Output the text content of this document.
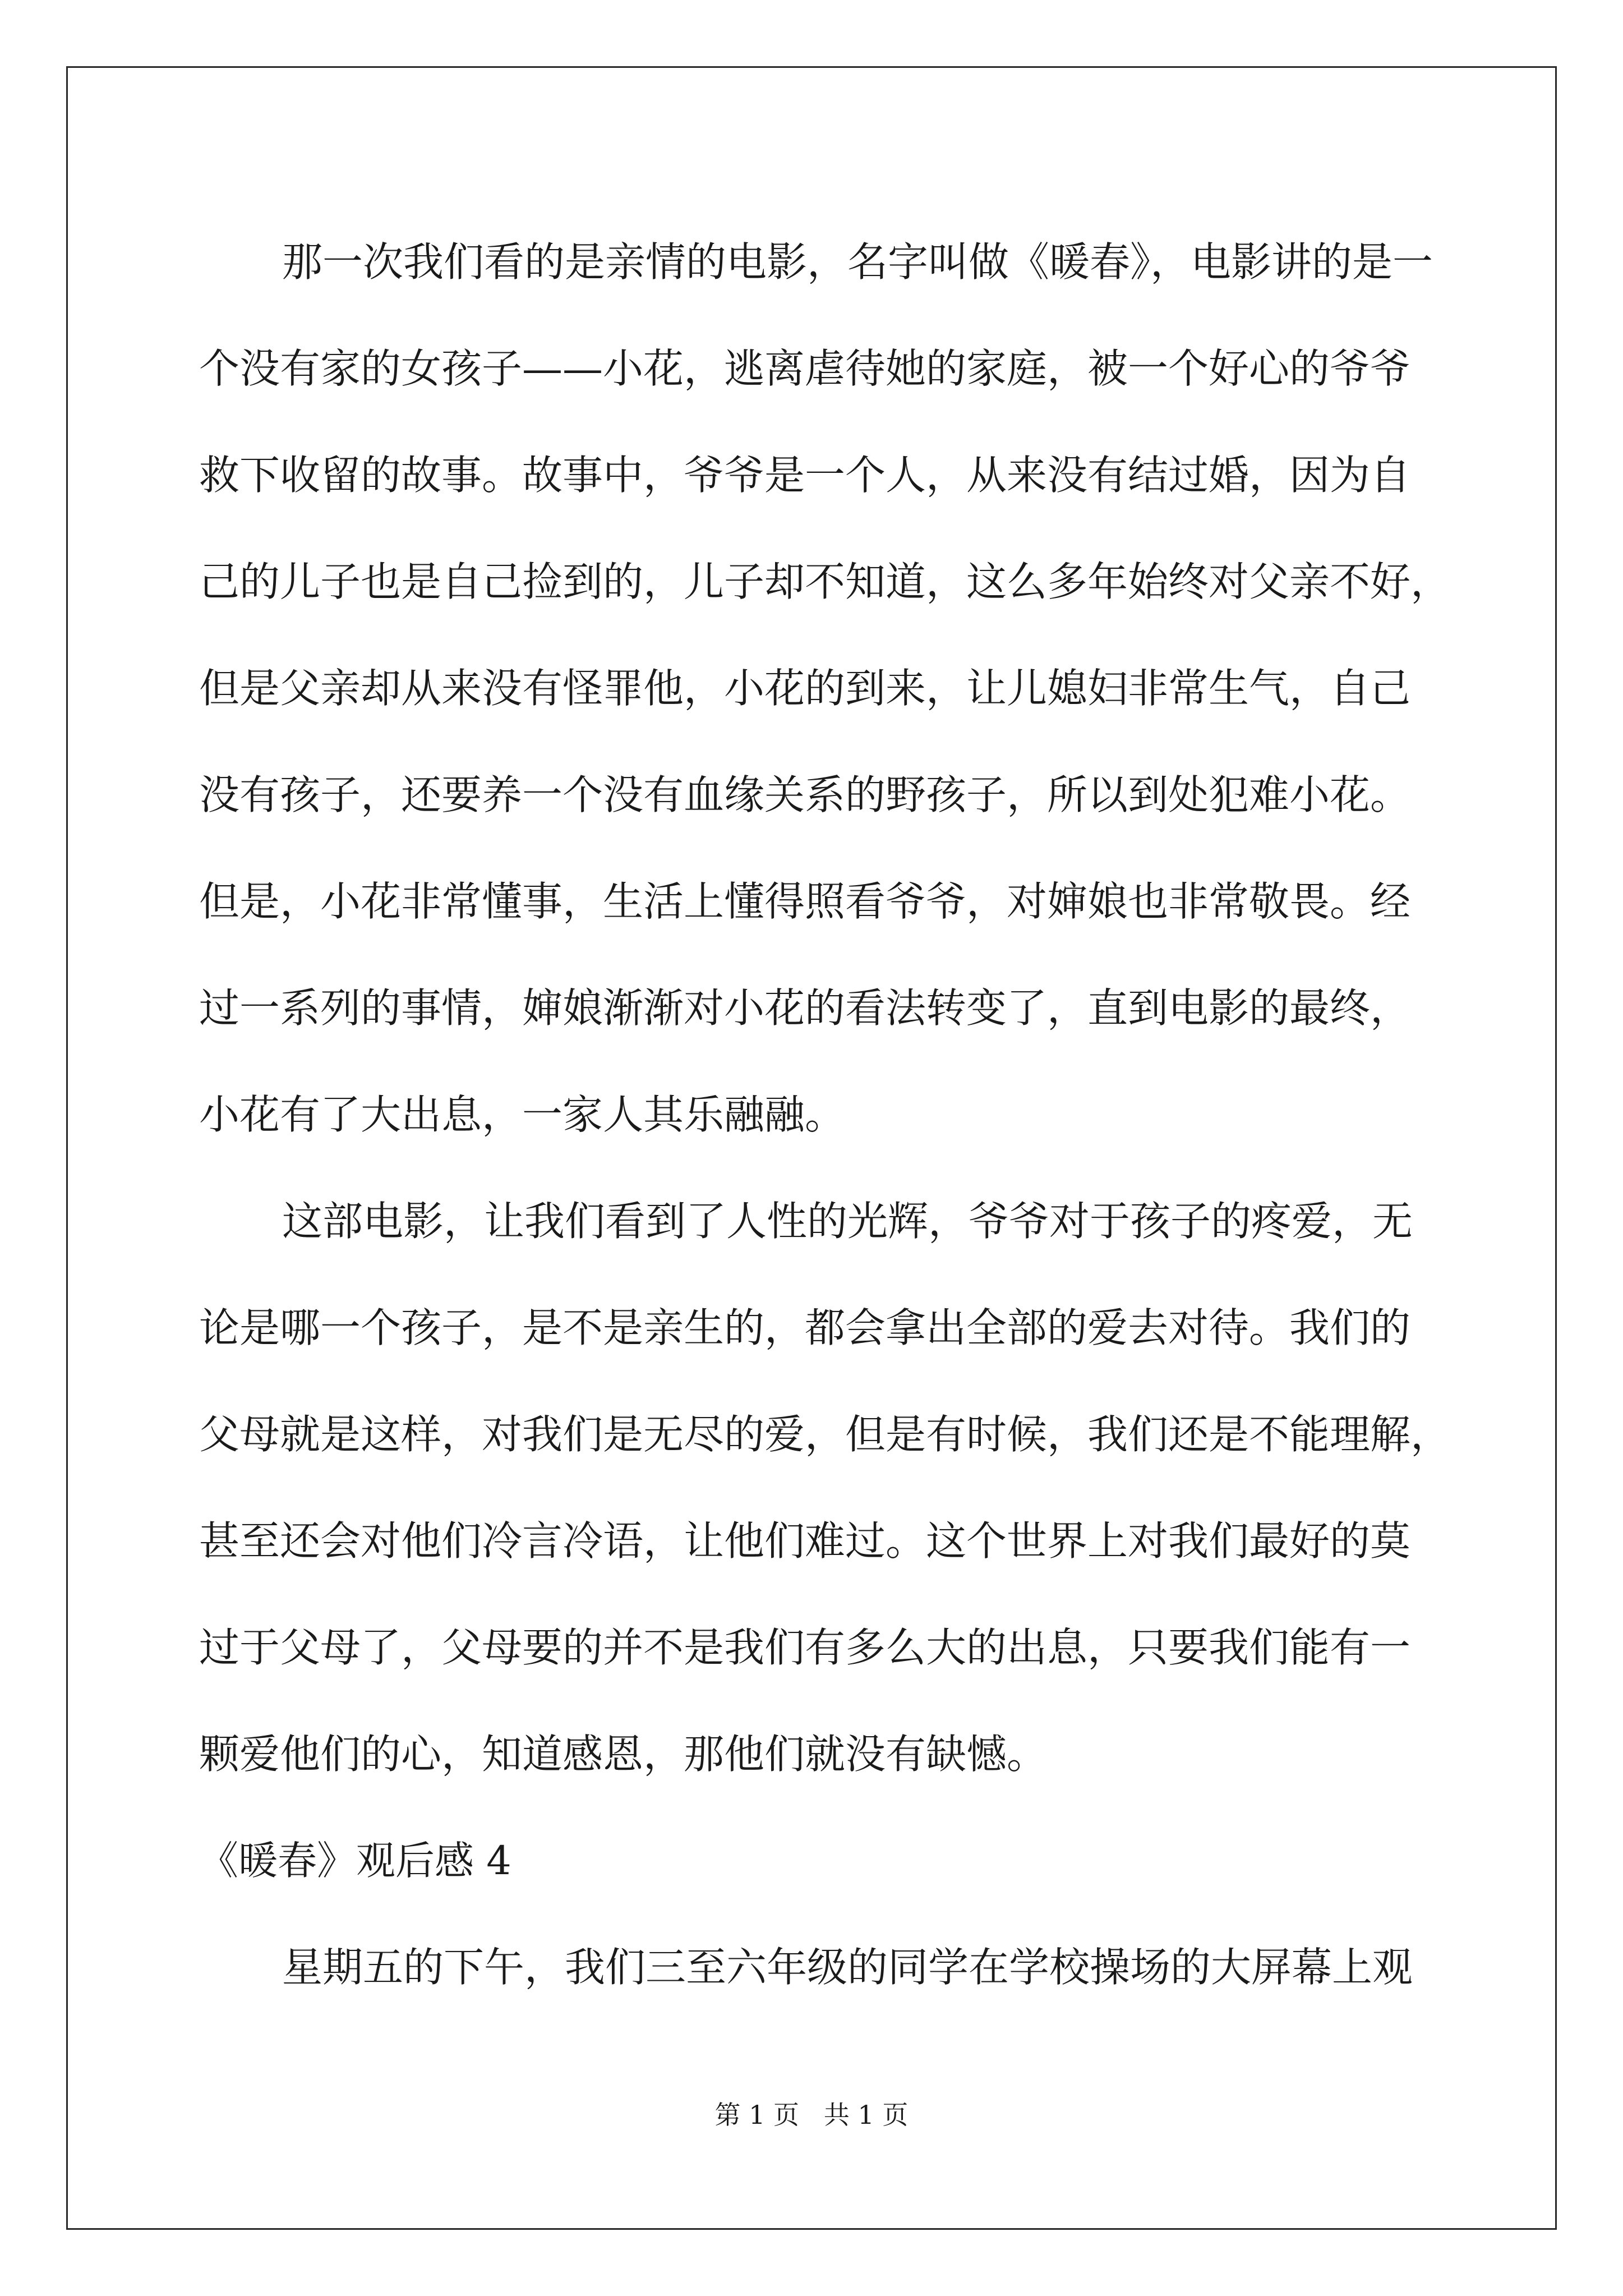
那一次我们看的是亲情的电影，名字叫做《暖春》，电影讲的是一
个没有家的女孩子——小花，逃离虐待她的家庭，被一个好心的爷爷
救下收留的故事。故事中，爷爷是一个人，从来没有结过婚，因为自
己的儿子也是自己捡到的，儿子却不知道，这么多年始终对父亲不好，
但是父亲却从来没有怪罪他，小花的到来，让儿媳妇非常生气，自己
没有孩子，还要养一个没有血缘关系的野孩子，所以到处犯难小花。
但是，小花非常懂事，生活上懂得照看爷爷，对婶娘也非常敬畏。经
过一系列的事情，婶娘渐渐对小花的看法转变了，直到电影的最终，
小花有了大出息，一家人其乐融融。
这部电影，让我们看到了人性的光辉，爷爷对于孩子的疼爱，无
论是哪一个孩子，是不是亲生的，都会拿出全部的爱去对待。我们的
父母就是这样，对我们是无尽的爱，但是有时候，我们还是不能理解，
甚至还会对他们冷言冷语，让他们难过。这个世界上对我们最好的莫
过于父母了，父母要的并不是我们有多么大的出息，只要我们能有一
颗爱他们的心，知道感恩，那他们就没有缺憾。
《暖春》观后感 4
星期五的下午，我们三至六年级的同学在学校操场的大屏幕上观
第 1 页   共 1 页
